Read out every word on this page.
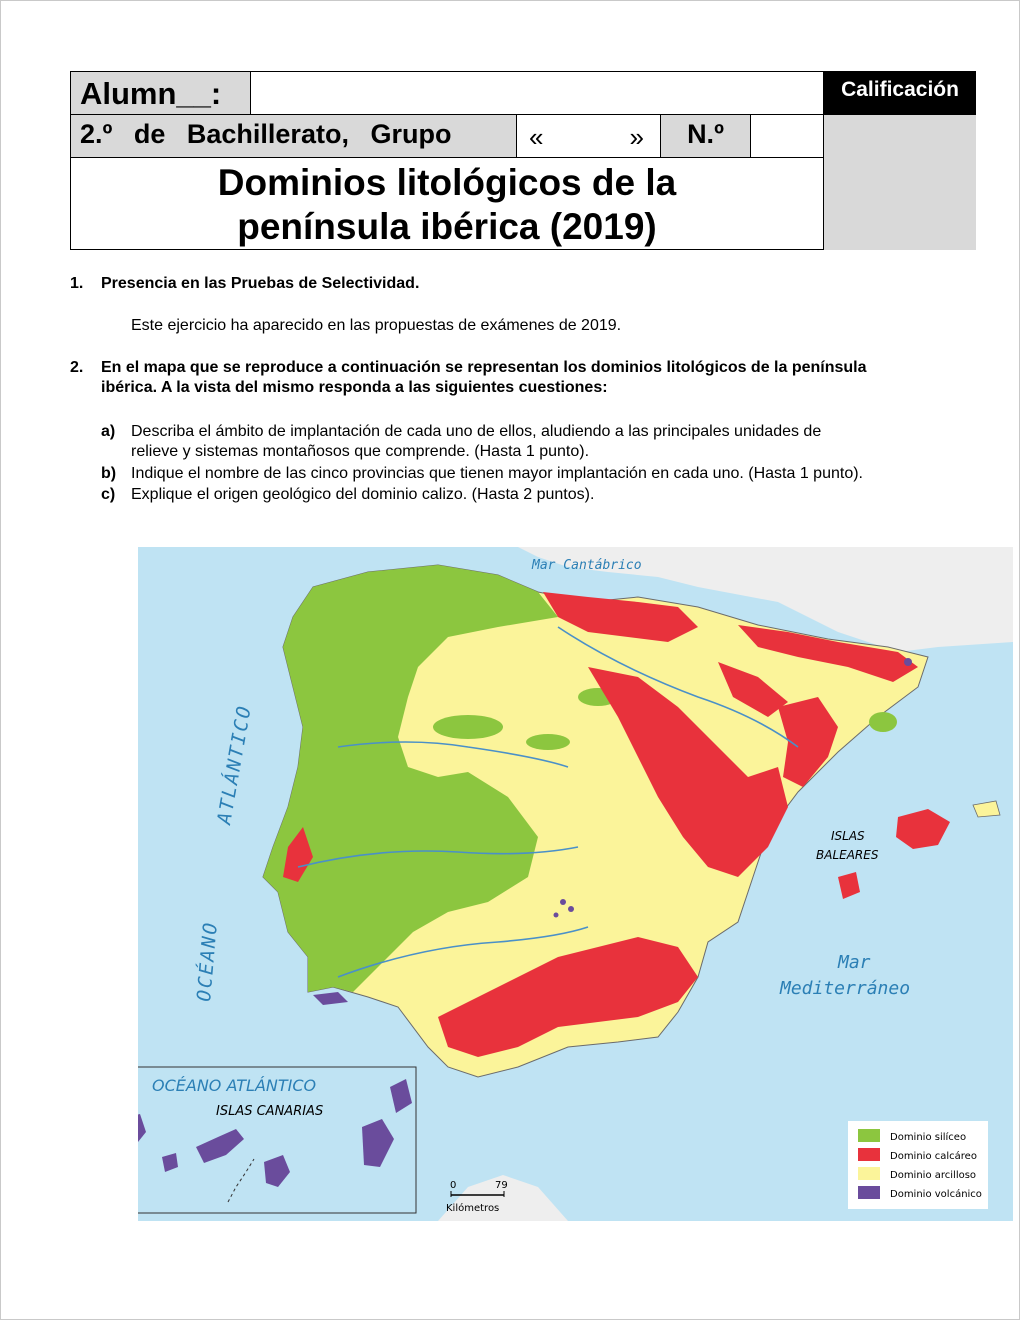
Alumn__:	Calificación
2.º de Bachillerato, Grupo	«	»	N.º
Dominios litológicos de la
península ibérica (2019)
1. Presencia en las Pruebas de Selectividad.
Este ejercicio ha aparecido en las propuestas de exámenes de 2019.
2. En el mapa que se reproduce a continuación se representan los dominios litológicos de la península
ibérica. A la vista del mismo responda a las siguientes cuestiones:
a) Describa el ámbito de implantación de cada uno de ellos, aludiendo a las principales unidades de
relieve y sistemas montañosos que comprende. (Hasta 1 punto).
b) Indique el nombre de las cinco provincias que tienen mayor implantación en cada uno. (Hasta 1 punto).
c) Explique el origen geológico del dominio calizo. (Hasta 2 puntos).
Mar Cantábrico
ATLÁNTICO
OCÉANO
ISLAS
BALEARES
Mar
Mediterráneo
OCÉANO ATLÁNTICO
ISLAS CANARIAS
0	79
Kilómetros
Dominio silíceo
Dominio calcáreo
Dominio arcilloso
Dominio volcánico
